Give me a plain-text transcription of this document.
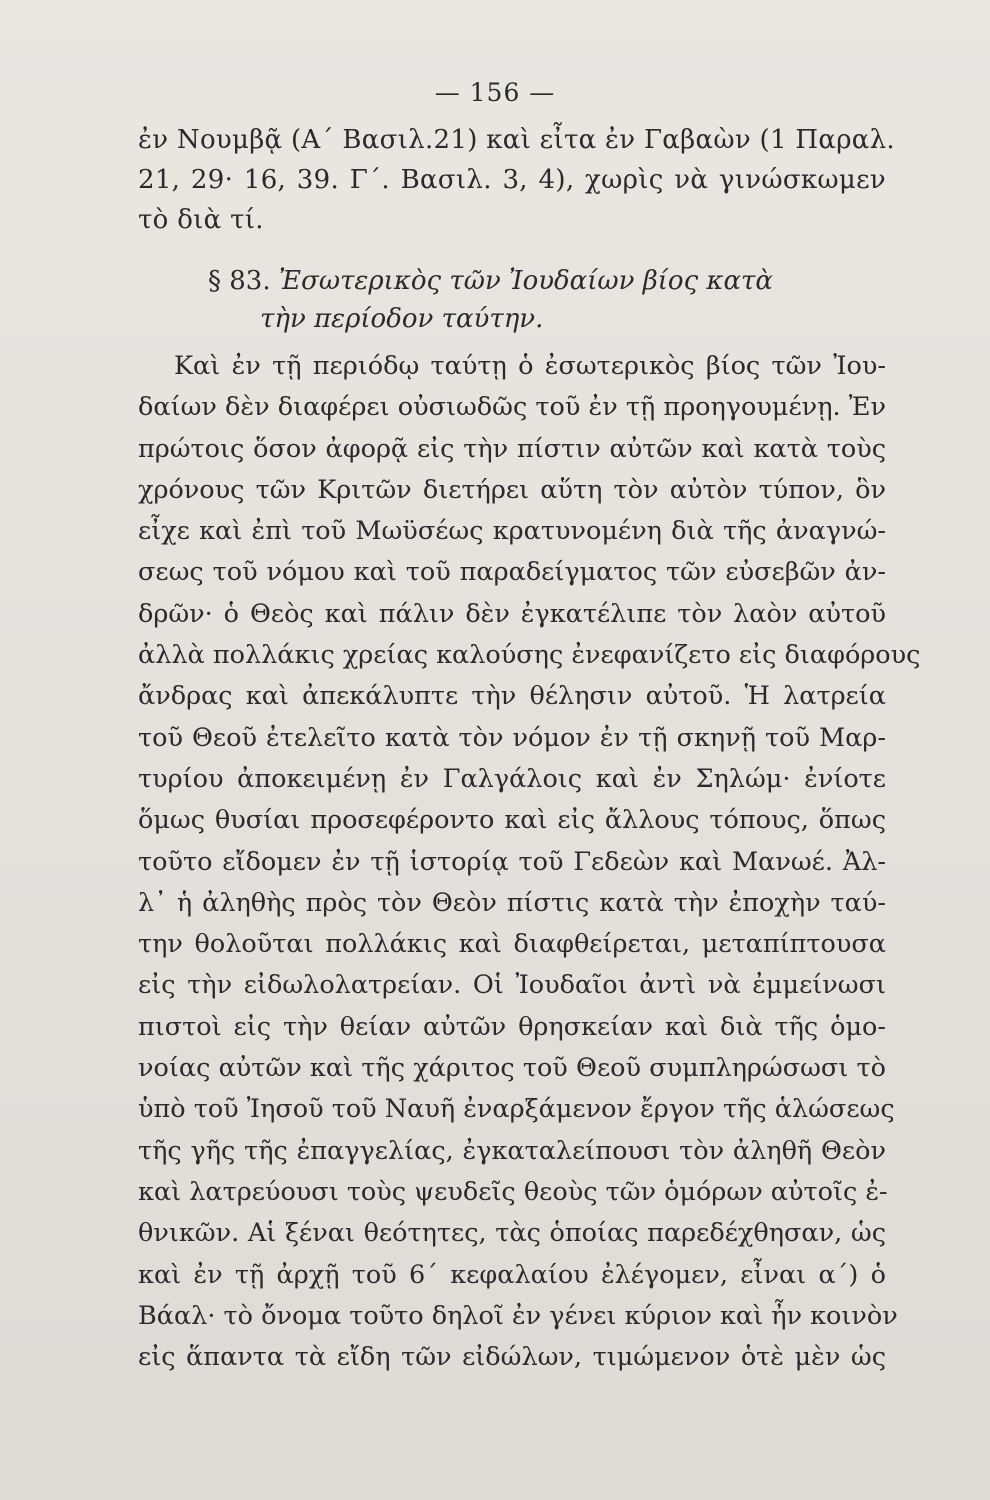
— 156 —
ἐν Νουμβᾷ (Α΄ Βασιλ.21) καὶ εἶτα ἐν Γαβαὼν (1 Παραλ.
21, 29· 16, 39. Γ΄. Βασιλ. 3, 4), χωρὶς νὰ γινώσκωμεν
τὸ διὰ τί.
§ 83. Ἐσωτερικὸς τῶν Ἰουδαίων βίος κατὰ
τὴν περίοδον ταύτην.
Καὶ ἐν τῇ περιόδῳ ταύτῃ ὁ ἐσωτερικὸς βίος τῶν Ἰου-
δαίων δὲν διαφέρει οὐσιωδῶς τοῦ ἐν τῇ προηγουμένῃ. Ἐν
πρώτοις ὅσον ἀφορᾷ εἰς τὴν πίστιν αὐτῶν καὶ κατὰ τοὺς
χρόνους τῶν Κριτῶν διετήρει αὕτη τὸν αὐτὸν τύπον, ὃν
εἶχε καὶ ἐπὶ τοῦ Μωϋσέως κρατυνομένη διὰ τῆς ἀναγνώ-
σεως τοῦ νόμου καὶ τοῦ παραδείγματος τῶν εὐσεβῶν ἀν-
δρῶν· ὁ Θεὸς καὶ πάλιν δὲν ἐγκατέλιπε τὸν λαὸν αὐτοῦ
ἀλλὰ πολλάκις χρείας καλούσης ἐνεφανίζετο εἰς διαφόρους
ἄνδρας καὶ ἀπεκάλυπτε τὴν θέλησιν αὐτοῦ. Ἡ λατρεία
τοῦ Θεοῦ ἐτελεῖτο κατὰ τὸν νόμον ἐν τῇ σκηνῇ τοῦ Μαρ-
τυρίου ἀποκειμένῃ ἐν Γαλγάλοις καὶ ἐν Σηλώμ· ἐνίοτε
ὅμως θυσίαι προσεφέροντο καὶ εἰς ἄλλους τόπους, ὅπως
τοῦτο εἴδομεν ἐν τῇ ἱστορίᾳ τοῦ Γεδεὼν καὶ Μανωέ. Ἀλ-
λ᾽ ἡ ἀληθὴς πρὸς τὸν Θεὸν πίστις κατὰ τὴν ἐποχὴν ταύ-
την θολοῦται πολλάκις καὶ διαφθείρεται, μεταπίπτουσα
εἰς τὴν εἰδωλολατρείαν. Οἱ Ἰουδαῖοι ἀντὶ νὰ ἐμμείνωσι
πιστοὶ εἰς τὴν θείαν αὐτῶν θρησκείαν καὶ διὰ τῆς ὁμο-
νοίας αὐτῶν καὶ τῆς χάριτος τοῦ Θεοῦ συμπληρώσωσι τὸ
ὑπὸ τοῦ Ἰησοῦ τοῦ Ναυῆ ἐναρξάμενον ἔργον τῆς ἁλώσεως
τῆς γῆς τῆς ἐπαγγελίας, ἐγκαταλείπουσι τὸν ἀληθῆ Θεὸν
καὶ λατρεύουσι τοὺς ψευδεῖς θεοὺς τῶν ὁμόρων αὐτοῖς ἐ-
θνικῶν. Αἱ ξέναι θεότητες, τὰς ὁποίας παρεδέχθησαν, ὡς
καὶ ἐν τῇ ἀρχῇ τοῦ 6΄ κεφαλαίου ἐλέγομεν, εἶναι α΄) ὁ
Βάαλ· τὸ ὄνομα τοῦτο δηλοῖ ἐν γένει κύριον καὶ ἦν κοινὸν
εἰς ἅπαντα τὰ εἴδη τῶν εἰδώλων, τιμώμενον ὁτὲ μὲν ὡς
